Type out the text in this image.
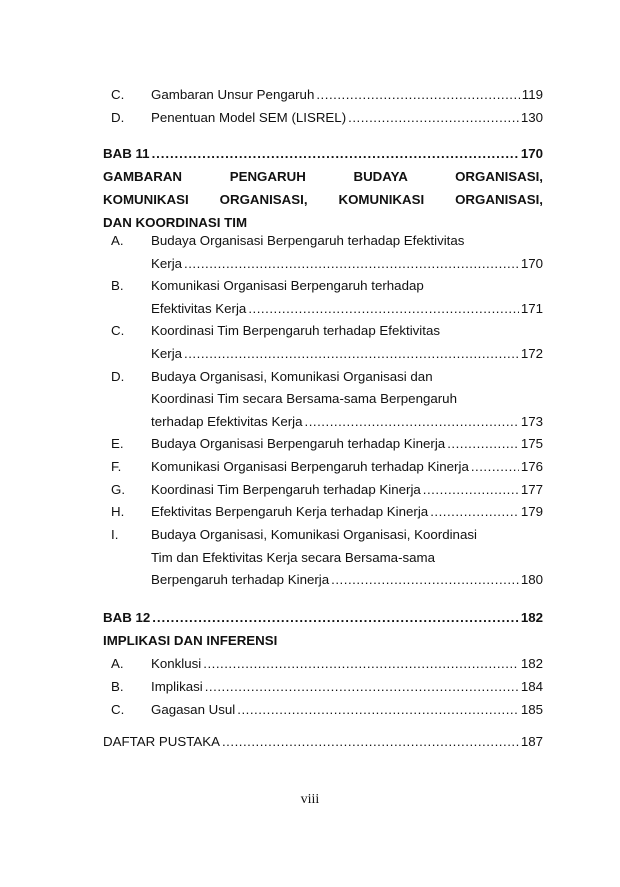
C. Gambaran Unsur Pengaruh .....	119
D. Penentuan Model SEM (LISREL) .....	130
BAB 11 .....	170
GAMBARAN PENGARUH BUDAYA ORGANISASI,
KOMUNIKASI ORGANISASI, KOMUNIKASI ORGANISASI,
DAN KOORDINASI TIM
A. Budaya Organisasi Berpengaruh terhadap Efektivitas
Kerja .....	170
B. Komunikasi Organisasi Berpengaruh terhadap
Efektivitas Kerja .....	171
C. Koordinasi Tim Berpengaruh terhadap Efektivitas
Kerja .....	172
D. Budaya Organisasi, Komunikasi Organisasi dan
Koordinasi Tim secara Bersama-sama Berpengaruh
terhadap Efektivitas Kerja .....	173
E. Budaya Organisasi Berpengaruh terhadap Kinerja .....	175
F. Komunikasi Organisasi Berpengaruh terhadap Kinerja .....	176
G. Koordinasi Tim Berpengaruh terhadap Kinerja .....	177
H. Efektivitas Berpengaruh Kerja terhadap Kinerja .....	179
I. Budaya Organisasi, Komunikasi Organisasi, Koordinasi
Tim dan Efektivitas Kerja secara Bersama-sama
Berpengaruh terhadap Kinerja .....	180
BAB 12 .....	182
IMPLIKASI DAN INFERENSI
A. Konklusi .....	182
B. Implikasi .....	184
C. Gagasan Usul .....	185
DAFTAR PUSTAKA .....	187
viii
